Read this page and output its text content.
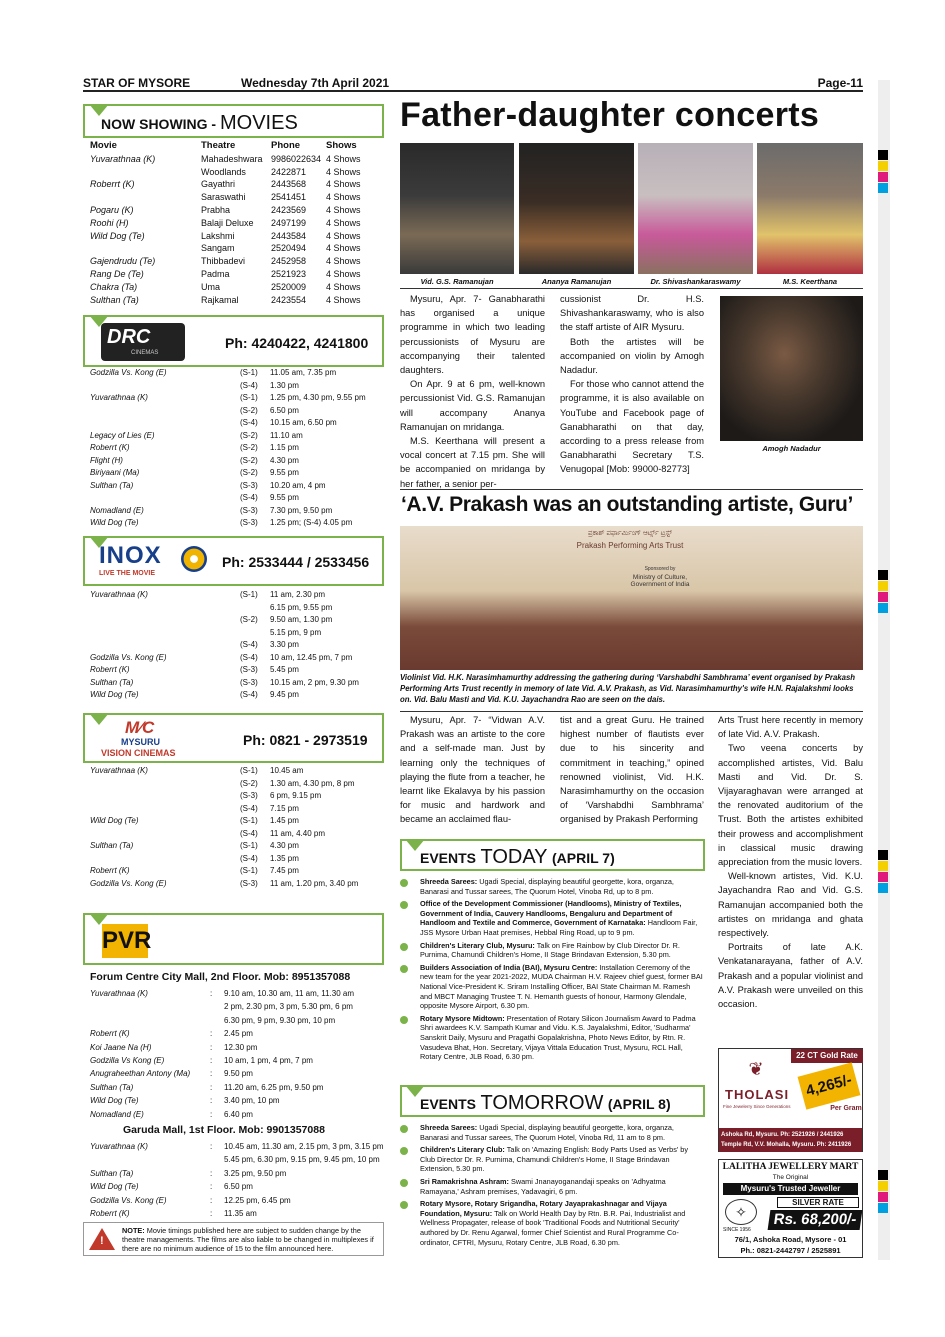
STAR OF MYSORE	Wednesday 7th April 2021	Page-11
NOW SHOWING - MOVIES
Movie	Theatre	Phone	Shows
Yuvarathnaa (K)	Mahadeshwara 9986022634 4 Shows
Woodlands	2422871	4 Shows
Roberrt (K)	Gayathri	2443568	4 Shows
Saraswathi	2541451	4 Shows
Pogaru (K)	Prabha	2423569	4 Shows
Roohi (H)	Balaji Deluxe	2497199	4 Shows
Wild Dog (Te)	Lakshmi	2443584	4 Shows
Sangam	2520494	4 Shows
Gajendrudu (Te)	Thibbadevi	2452958	4 Shows
Rang De (Te)	Padma	2521923	4 Shows
Chakra (Ta)	Uma	2520009	4 Shows
Sulthan (Ta)	Rajkamal	2423554	4 Shows
DRC
CINEMAS
Ph: 4240422, 4241800
Godzilla Vs. Kong (E)	(S-1)	11.05 am, 7.35 pm
(S-4)	1.30 pm
Yuvarathnaa (K)	(S-1)	1.25 pm, 4.30 pm, 9.55 pm
(S-2)	6.50 pm
(S-4)	10.15 am, 6.50 pm
Legacy of Lies (E)	(S-2)	11.10 am
Roberrt (K)	(S-2)	1.15 pm
Flight (H)	(S-2)	4.30 pm
Biriyaani (Ma)	(S-2)	9.55 pm
Sulthan (Ta)	(S-3)	10.20 am, 4 pm
(S-4)	9.55 pm
Nomadland (E)	(S-3)	7.30 pm, 9.50 pm
Wild Dog (Te)	(S-3)	1.25 pm; (S-4) 4.05 pm
INOX
LIVE THE MOVIE
Ph: 2533444 / 2533456
Yuvarathnaa (K)	(S-1)	11 am, 2.30 pm
6.15 pm, 9.55 pm
(S-2)	9.50 am, 1.30 pm
5.15 pm, 9 pm
(S-4)	3.30 pm
Godzilla Vs. Kong (E)	(S-4)	10 am, 12.45 pm, 7 pm
Roberrt (K)	(S-3)	5.45 pm
Sulthan (Ta)	(S-3)	10.15 am, 2 pm, 9.30 pm
Wild Dog (Te)	(S-4)	9.45 pm
M⁄C
MYSURU
VISION CINEMAS
Ph: 0821 - 2973519
Yuvarathnaa (K)	(S-1)	10.45 am
(S-2)	1.30 am, 4.30 pm, 8 pm
(S-3)	6 pm, 9.15 pm
(S-4)	7.15 pm
Wild Dog (Te)	(S-1)	1.45 pm
(S-4)	11 am, 4.40 pm
Sulthan (Ta)	(S-1)	4.30 pm
(S-4)	1.35 pm
Roberrt (K)	(S-1)	7.45 pm
Godzilla Vs. Kong (E)	(S-3)	11 am, 1.20 pm, 3.40 pm
PVR
Forum Centre City Mall, 2nd Floor. Mob: 8951357088
Yuvarathnaa (K)	:	9.10 am, 10.30 am, 11 am, 11.30 am
2 pm, 2.30 pm, 3 pm, 5.30 pm, 6 pm
6.30 pm, 9 pm, 9.30 pm, 10 pm
Roberrt (K)	:	2.45 pm
Koi Jaane Na (H)	:	12.30 pm
Godzilla Vs Kong (E)	:	10 am, 1 pm, 4 pm, 7 pm
Anugraheethan Antony (Ma)	:	9.50 pm
Sulthan (Ta)	:	11.20 am, 6.25 pm, 9.50 pm
Wild Dog (Te)	:	3.40 pm, 10 pm
Nomadland (E)	:	6.40 pm
Garuda Mall, 1st Floor. Mob: 9901357088
Yuvarathnaa (K)	:	10.45 am, 11.30 am, 2.15 pm, 3 pm, 3.15 pm
5.45 pm, 6.30 pm, 9.15 pm, 9.45 pm, 10 pm
Sulthan (Ta)	:	3.25 pm, 9.50 pm
Wild Dog (Te)	:	6.50 pm
Godzilla Vs. Kong (E)	:	12.25 pm, 6.45 pm
Roberrt (K)	:	11.35 am
!
NOTE: Movie timings published here are subject to sudden change by the theatre managements. The films are also liable to be changed in multiplexes if there are no minimum audience of 15 to the film announced here.
Father-daughter concerts
Vid. G.S. Ramanujan	Ananya Ramanujan	Dr. Shivashankaraswamy	M.S. Keerthana

Mysuru, Apr. 7- Ganabharathi has organised a unique programme in which two leading percussionists of Mysuru are accompanying their talented daughters.

On Apr. 9 at 6 pm, well-known percussionist Vid. G.S. Ramanujan will accompany Ananya Ramanujan on mridanga.

M.S. Keerthana will present a vocal concert at 7.15 pm. She will be accompanied on mridanga by her father, a senior per-

cussionist Dr. H.S. Shivashankaraswamy, who is also the staff artiste of AIR Mysuru.

Both the artistes will be accompanied on violin by Amogh Nadadur.

For those who cannot attend the programme, it is also available on YouTube and Facebook page of Ganabharathi on that day, according to a press release from Ganabharathi Secretary T.S. Venugopal [Mob: 99000-82773]

Amogh Nadadur
‘A.V. Prakash was an outstanding artiste, Guru’
ಪ್ರಕಾಶ್ ಪರ್ಫಾರ್ಮಿಂಗ್ ಆರ್ಟ್ಸ್ ಟ್ರಸ್ಟ್
Prakash Performing Arts Trust
Sponsored by
Ministry of Culture, Government of India
Violinist Vid. H.K. Narasimhamurthy addressing the gathering during ‘Varshabdhi Sambhrama’ event organised by Prakash Performing Arts Trust recently in memory of late Vid. A.V. Prakash, as Vid. Narasimhamurthy's wife H.N. Rajalakshmi looks on. Vid. Balu Masti and Vid. K.U. Jayachandra Rao are seen on the dais.

Mysuru, Apr. 7- “Vidwan A.V. Prakash was an artiste to the core and a self-made man. Just by learning only the techniques of playing the flute from a teacher, he learnt like Ekalavya by his passion for music and hardwork and became an acclaimed flau-

tist and a great Guru. He trained highest number of flautists ever due to his sincerity and commitment in teaching,” opined renowned violinist, Vid. H.K. Narasimhamurthy on the occasion of ‘Varshabdhi Sambhrama’ organised by Prakash Performing

Arts Trust here recently in memory of late Vid. A.V. Prakash.

Two veena concerts by accomplished artistes, Vid. Balu Masti and Vid. Dr. S. Vijayaraghavan were arranged at the renovated auditorium of the Trust. Both the artistes exhibited their prowess and accomplishment in classical music drawing appreciation from the music lovers.

Well-known artistes, Vid. K.U. Jayachandra Rao and Vid. G.S. Ramanujan accompanied both the artistes on mridanga and ghata respectively.

Portraits of late A.K. Venkatanarayana, father of A.V. Prakash and a popular violinist and A.V. Prakash were unveiled on this occasion.

EVENTS TODAY (APRIL 7)
Shreeda Sarees: Ugadi Special, displaying beautiful georgette, kora, organza, Banarasi and Tussar sarees, The Quorum Hotel, Vinoba Rd, up to 8 pm.
Office of the Development Commissioner (Handlooms), Ministry of Textiles, Government of India, Cauvery Handlooms, Bengaluru and Department of Handloom and Textile and Commerce, Government of Karnataka: Handloom Fair, JSS Mysore Urban Haat premises, Hebbal Ring Road, up to 9 pm.
Children's Literary Club, Mysuru: Talk on Fire Rainbow by Club Director Dr. R. Purnima, Chamundi Children's Home, II Stage Brindavan Extension, 5.30 pm.
Builders Association of India (BAI), Mysuru Centre: Installation Ceremony of the new team for the year 2021-2022, MUDA Chairman H.V. Rajeev chief guest, former BAI National Vice-President K. Sriram Installing Officer, BAI State Chairman M. Ramesh and MBCT Managing Trustee T. N. Hemanth guests of honour, Harmony Glendale, opposite Mysore Airport, 6.30 pm.
Rotary Mysore Midtown: Presentation of Rotary Silicon Journalism Award to Padma Shri awardees K.V. Sampath Kumar and Vidu. K.S. Jayalakshmi, Editor, 'Sudharma' Sanskrit Daily, Mysuru and Pragathi Gopalakrishna, Photo News Editor, by Rtn. R. Vasudeva Bhat, Hon. Secretary, Vijaya Vittala Education Trust, Mysuru, RCL Hall, Rotary Centre, JLB Road, 6.30 pm.
EVENTS TOMORROW (APRIL 8)
Shreeda Sarees: Ugadi Special, displaying beautiful georgette, kora, organza, Banarasi and Tussar sarees, The Quorum Hotel, Vinoba Rd, 11 am to 8 pm.
Children's Literary Club: Talk on 'Amazing English: Body Parts Used as Verbs' by Club Director Dr. R. Purnima, Chamundi Children's Home, II Stage Brindavan Extension, 5.30 pm.
Sri Ramakrishna Ashram: Swami Jnanayoganandaji speaks on 'Adhyatma Ramayana,' Ashram premises, Yadavagiri, 6 pm.
Rotary Mysore, Rotary Srigandha, Rotary Jayaprakashnagar and Vijaya Foundation, Mysuru: Talk on World Health Day by Rtn. B.R. Pai, Industrialist and Wellness Propagater, release of book 'Traditional Foods and Nutritional Security' authored by Dr. Renu Agarwal, former Chief Scientist and Rural Programme Co-ordinator, CFTRI, Mysuru, Rotary Centre, JLB Road, 6.30 pm.
22 CT Gold Rate
❦
THOLASI
Fine Jewelerry Since Generations
4,265/-
Per Gram
Ashoka Rd, Mysuru. Ph: 2521926 / 2441926
Temple Rd, V.V. Mohalla, Mysuru. Ph: 2411926
LALITHA JEWELLERY MART
The Original
Mysuru's Trusted Jeweller
✧
SINCE 1956
SILVER RATE
Rs. 68,200/-
76/1, Ashoka Road, Mysore - 01
Ph.: 0821-2442797 / 2525891
